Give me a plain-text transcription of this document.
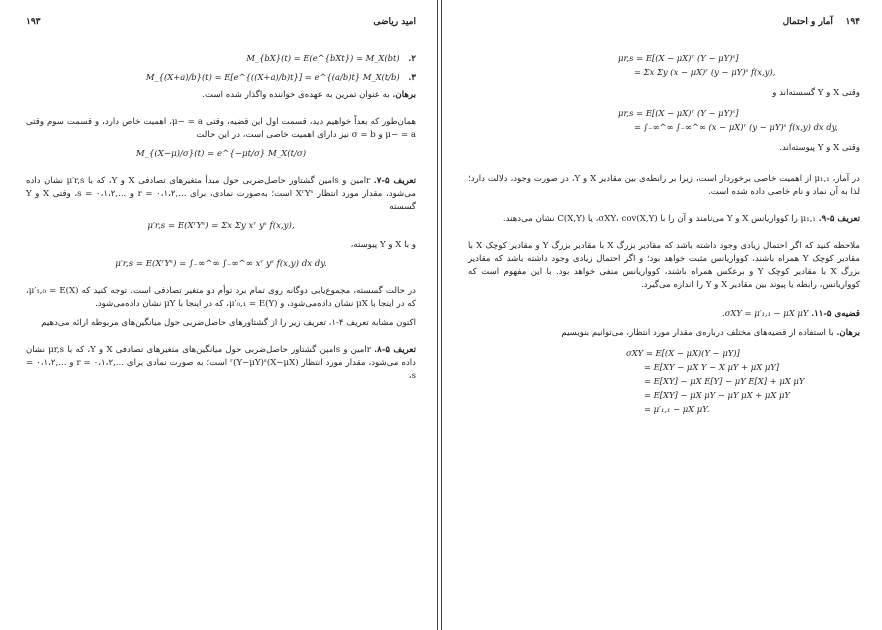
امید ریاضی
۱۹۳
۲. M_{bX}(t) = E(e^{bXt}) = M_X(bt)
۳. M_{(X+a)/b}(t) = E[e^{((X+a)/b)t}] = e^{(a/b)t} M_X(t/b)

برهان. به عنوان تمرین به عهده‌ی خواننده واگذار شده است.

همان‌طور که بعداً خواهیم دید، قسمت اول این قضیه، وقتی μ− = a، اهمیت خاص دارد، و قسمت سوم وقتی μ− = a و σ = b نیز دارای اهمیت خاصی است، در این حالت

M_{(X−μ)/σ}(t) = e^{−μt/σ} M_X(t/σ)

تعریف ۵-۷. rامین و sامین گشتاور حاصل‌ضربی حول مبدأ متغیرهای تصادفی X و Y، که با μ′r,s نشان داده می‌شود، مقدار مورد انتظار XʳYˢ است؛ به‌صورت نمادی، برای ...,۰،۱،۲ = r و ...,۰،۱،۲ = s، وقتی X و Y گسسته

μ′r,s = E(XʳYˢ) = Σx Σy xʳ yˢ f(x,y),

و با X و Y پیوسته،

μ′r,s = E(XʳYˢ) = ∫₋∞^∞ ∫₋∞^∞ xʳ yˢ f(x,y) dx dy.

در حالت گسسته، مجموع‌یابی دوگانه روی تمام برد توأم دو متغیر تصادفی است. توجه کنید که μ′₁,₀ = E(X)، که در اینجا با μX نشان داده‌می‌شود، و μ′₀,₁ = E(Y)، که در اینجا با μY نشان داده‌می‌شود.

اکنون مشابه تعریف ۴-۱، تعریف زیر را از گشتاورهای حاصل‌ضربی حول میانگین‌های مربوطه ارائه می‌دهیم

تعریف ۵-۸. rامین و sامین گشتاور حاصل‌ضربی حول میانگین‌های متغیرهای تصادفی X و Y، که با μr,s نشان داده می‌شود، مقدار مورد انتظار (X−μX)ʳ(Y−μY)ˢ است؛ به صورت نمادی برای ...,۰،۱،۲ = r و ...,۰،۱،۲ = s،

۱۹۴    آمار و احتمال
μr,s = E[(X − μX)ʳ (Y − μY)ˢ]
= Σx Σy (x − μX)ʳ (y − μY)ˢ f(x,y),

وقتی X و Y گسسته‌اند و

μr,s = E[(X − μX)ʳ (Y − μY)ˢ]
= ∫₋∞^∞ ∫₋∞^∞ (x − μX)ʳ (y − μY)ˢ f(x,y) dx dy,

وقتی X و Y پیوسته‌اند.

در آمار، μ₁,₁ از اهمیت خاصی برخوردار است، زیرا بر رابطه‌ی بین مقادیر X و Y، در صورت وجود، دلالت دارد؛ لذا به آن نماد و نام خاصی داده شده است.

تعریف ۵-۹. μ₁,₁ را کوواریانس X و Y می‌نامند و آن را با σXY، cov(X,Y)، یا C(X,Y) نشان می‌دهند.

ملاحظه کنید که اگر احتمال زیادی وجود داشته باشد که مقادیر بزرگ X با مقادیر بزرگ Y و مقادیر کوچک X با مقادیر کوچک Y همراه باشند، کوواریانس مثبت خواهد بود؛ و اگر احتمال زیادی وجود داشته باشد که مقادیر بزرگ X با مقادیر کوچک Y و برعکس همراه باشند، کوواریانس منفی خواهد بود. با این مفهوم است که کوواریانس، رابطه یا پیوند بین مقادیر X و Y را اندازه می‌گیرد.

قضیه‌ی ۵-۱۱. σXY = μ′₁,₁ − μX μY.

برهان. با استفاده از قضیه‌های مختلف درباره‌ی مقدار مورد انتظار، می‌توانیم بنویسیم

σXY = E[(X − μX)(Y − μY)]
= E[XY − μX Y − X μY + μX μY]
= E[XY] − μX E[Y] − μY E[X] + μX μY
= E[XY] − μX μY − μY μX + μX μY
= μ′₁,₁ − μX μY.
